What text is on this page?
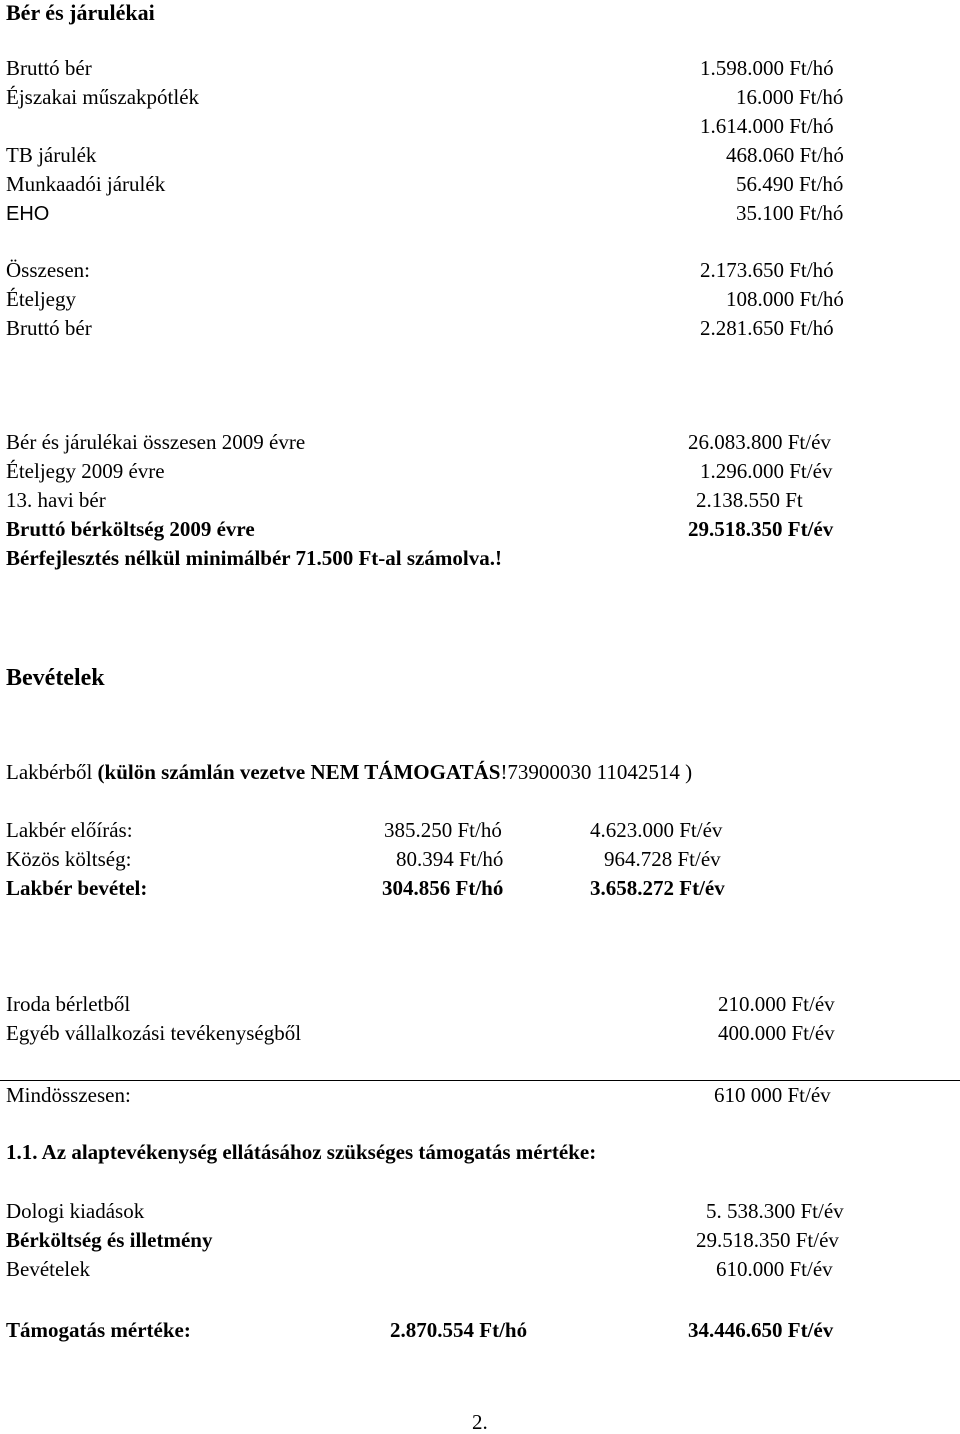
Bér és járulékai
Bruttó bér	1.598.000 Ft/hó
Éjszakai műszakpótlék	16.000 Ft/hó
1.614.000 Ft/hó
TB járulék	468.060 Ft/hó
Munkaadói járulék	56.490 Ft/hó
EHO	35.100 Ft/hó
Összesen:	2.173.650 Ft/hó
Ételjegy	108.000 Ft/hó
Bruttó bér	2.281.650 Ft/hó
Bér és járulékai összesen 2009 évre	26.083.800 Ft/év
Ételjegy 2009 évre	1.296.000 Ft/év
13. havi bér	2.138.550 Ft
Bruttó bérköltség 2009 évre	29.518.350 Ft/év
Bérfejlesztés nélkül minimálbér 71.500 Ft-al számolva.!
Bevételek
Lakbérből (külön számlán vezetve NEM TÁMOGATÁS!73900030 11042514 )
Lakbér előírás:	385.250 Ft/hó	4.623.000 Ft/év
Közös költség:	80.394 Ft/hó	964.728 Ft/év
Lakbér bevétel:	304.856 Ft/hó	3.658.272 Ft/év
Iroda bérletből	210.000 Ft/év
Egyéb vállalkozási tevékenységből	400.000 Ft/év
Mindösszesen:	610 000 Ft/év
1.1. Az alaptevékenység ellátásához szükséges támogatás mértéke:
Dologi kiadások	5. 538.300 Ft/év
Bérköltség és illetmény	29.518.350 Ft/év
Bevételek	610.000 Ft/év
Támogatás mértéke:	2.870.554 Ft/hó	34.446.650 Ft/év
2.
